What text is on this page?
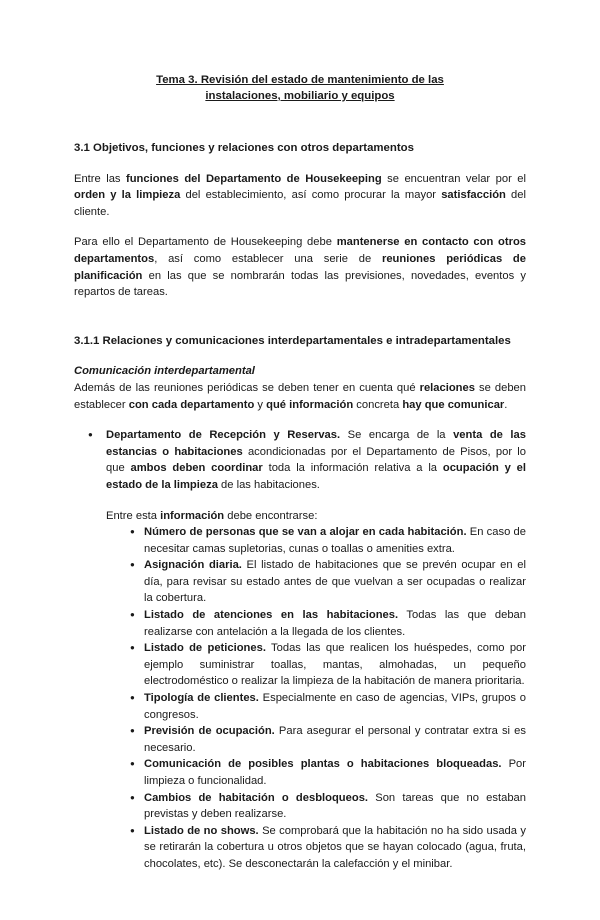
Tema 3. Revisión del estado de mantenimiento de las
instalaciones, mobiliario y equipos
3.1 Objetivos, funciones y relaciones con otros departamentos

Entre las funciones del Departamento de Housekeeping se encuentran velar por el orden y la limpieza del establecimiento, así como procurar la mayor satisfacción del cliente.

Para ello el Departamento de Housekeeping debe mantenerse en contacto con otros departamentos, así como establecer una serie de reuniones periódicas de planificación en las que se nombrarán todas las previsiones, novedades, eventos y repartos de tareas.

3.1.1 Relaciones y comunicaciones interdepartamentales e intradepartamentales
Comunicación interdepartamental

Además de las reuniones periódicas se deben tener en cuenta qué relaciones se deben establecer con cada departamento y qué información concreta hay que comunicar.

● Departamento de Recepción y Reservas. Se encarga de la venta de las estancias o habitaciones acondicionadas por el Departamento de Pisos, por lo que ambos deben coordinar toda la información relativa a la ocupación y el estado de la limpieza de las habitaciones.
Entre esta información debe encontrarse:
● Número de personas que se van a alojar en cada habitación. En caso de necesitar camas supletorias, cunas o toallas o amenities extra.
● Asignación diaria. El listado de habitaciones que se prevén ocupar en el día, para revisar su estado antes de que vuelvan a ser ocupadas o realizar la cobertura.
● Listado de atenciones en las habitaciones. Todas las que deban realizarse con antelación a la llegada de los clientes.
● Listado de peticiones. Todas las que realicen los huéspedes, como por ejemplo suministrar toallas, mantas, almohadas, un pequeño electrodoméstico o realizar la limpieza de la habitación de manera prioritaria.
● Tipología de clientes. Especialmente en caso de agencias, VIPs, grupos o congresos.
● Previsión de ocupación. Para asegurar el personal y contratar extra si es necesario.
● Comunicación de posibles plantas o habitaciones bloqueadas. Por limpieza o funcionalidad.
● Cambios de habitación o desbloqueos. Son tareas que no estaban previstas y deben realizarse.
● Listado de no shows. Se comprobará que la habitación no ha sido usada y se retirarán la cobertura u otros objetos que se hayan colocado (agua, fruta, chocolates, etc). Se desconectarán la calefacción y el minibar.
